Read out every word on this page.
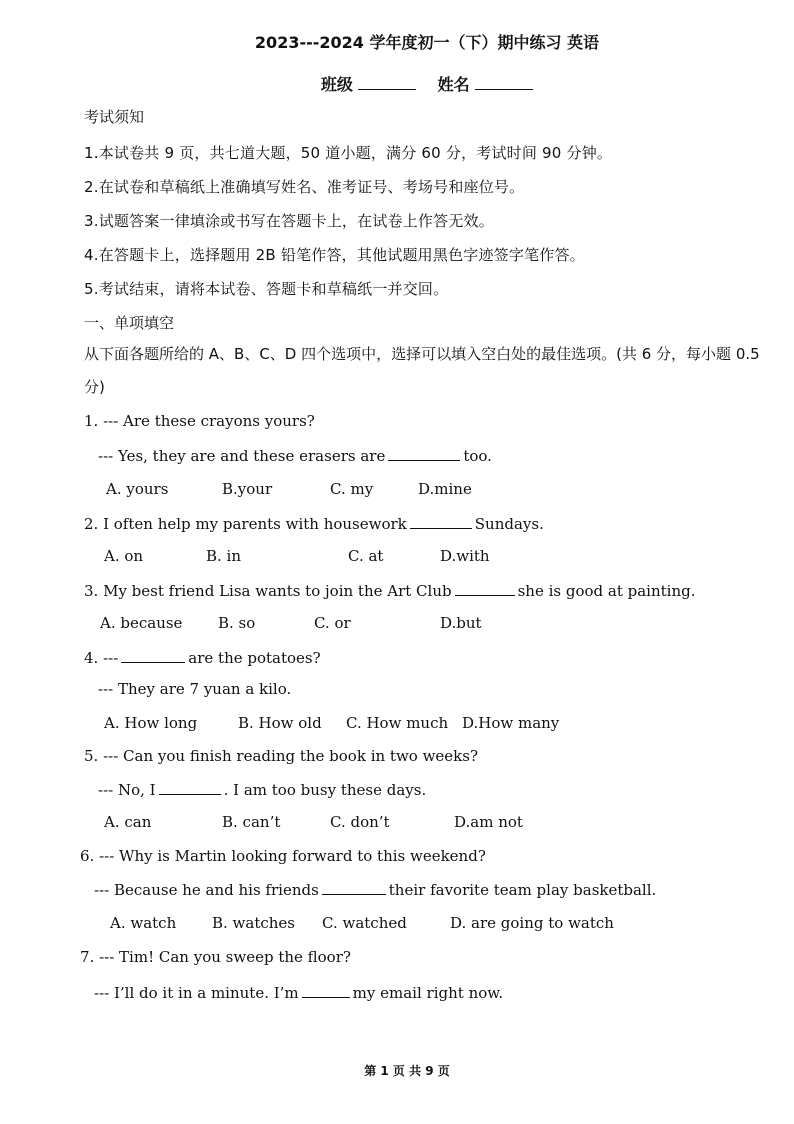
2023---2024 学年度初一（下）期中练习 英语
班级	姓名
考试须知
1.本试卷共 9 页，共七道大题，50 道小题，满分 60 分，考试时间 90 分钟。
2.在试卷和草稿纸上准确填写姓名、准考证号、考场号和座位号。
3.试题答案一律填涂或书写在答题卡上，在试卷上作答无效。
4.在答题卡上，选择题用 2B 铅笔作答，其他试题用黑色字迹签字笔作答。
5.考试结束，请将本试卷、答题卡和草稿纸一并交回。
一、单项填空
从下面各题所给的 A、B、C、D 四个选项中，选择可以填入空白处的最佳选项。(共 6 分，每小题 0.5 分)
1. --- Are these crayons yours?
--- Yes, they are and these erasers are	too.
A. yours	B.your	C. my	D.mine
2. I often help my parents with housework	Sundays.
A. on	B. in	C. at	D.with
3. My best friend Lisa wants to join the Art Club	she is good at painting.
A. because B. so	C. or	D.but
4. ---	are the potatoes?
--- They are 7 yuan a kilo.
A. How long	B. How old C. How much D.How many
5. --- Can you finish reading the book in two weeks?
--- No, I	. I am too busy these days.
A. can	B. can’t	C. don’t	D.am not
6. --- Why is Martin looking forward to this weekend?
--- Because he and his friends	their favorite team play basketball.
A. watch B. watches C. watched	D. are going to watch
7. --- Tim! Can you sweep the floor?
--- I’ll do it in a minute. I’m	my email right now.
第 1 页 共 9 页
